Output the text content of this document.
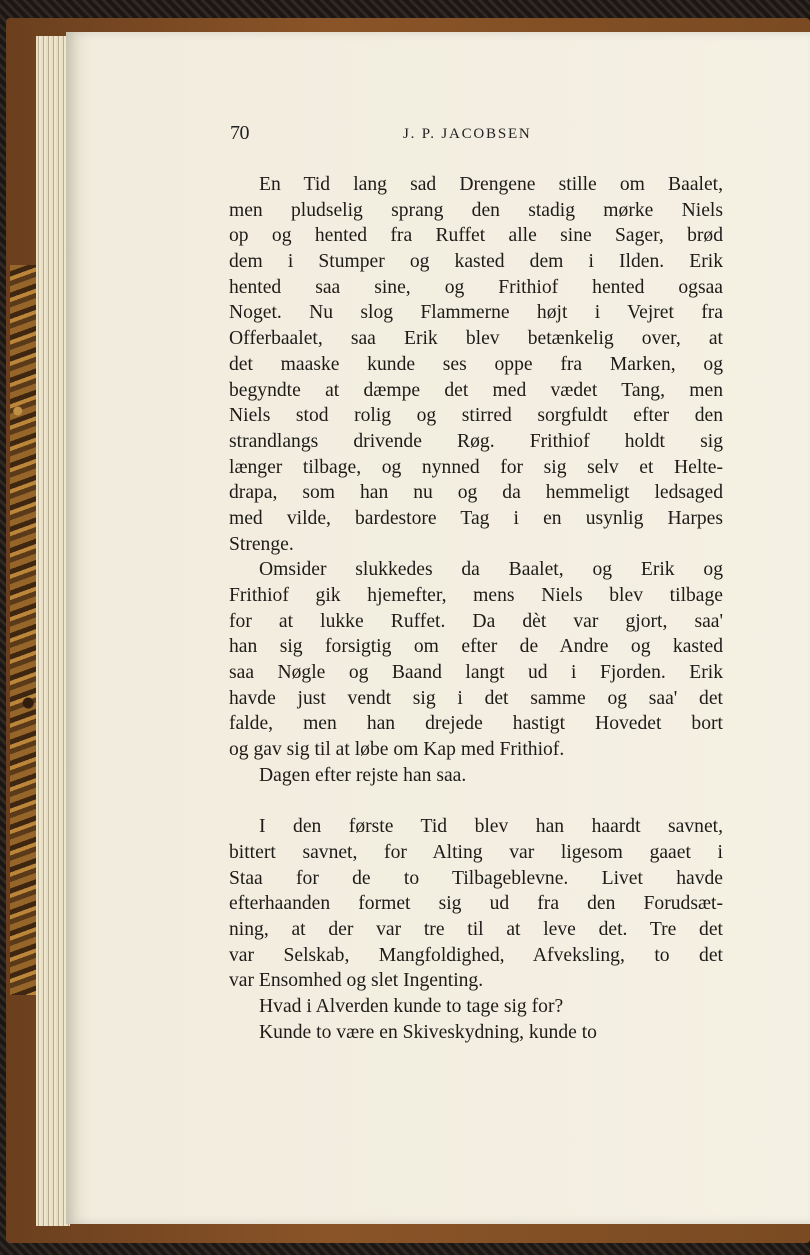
70	J. P. JACOBSEN
En Tid lang sad Drengene stille om Baalet,
men pludselig sprang den stadig mørke Niels
op og hented fra Ruffet alle sine Sager, brød
dem i Stumper og kasted dem i Ilden. Erik
hented saa sine, og Frithiof hented ogsaa
Noget. Nu slog Flammerne højt i Vejret fra
Offerbaalet, saa Erik blev betænkelig over, at
det maaske kunde ses oppe fra Marken, og
begyndte at dæmpe det med vædet Tang, men
Niels stod rolig og stirred sorgfuldt efter den
strandlangs drivende Røg. Frithiof holdt sig
længer tilbage, og nynned for sig selv et Helte-
drapa, som han nu og da hemmeligt ledsaged
med vilde, bardestore Tag i en usynlig Harpes
Strenge.
Omsider slukkedes da Baalet, og Erik og
Frithiof gik hjemefter, mens Niels blev tilbage
for at lukke Ruffet. Da dèt var gjort, saa'
han sig forsigtig om efter de Andre og kasted
saa Nøgle og Baand langt ud i Fjorden. Erik
havde just vendt sig i det samme og saa' det
falde, men han drejede hastigt Hovedet bort
og gav sig til at løbe om Kap med Frithiof.
Dagen efter rejste han saa.
I den første Tid blev han haardt savnet,
bittert savnet, for Alting var ligesom gaaet i
Staa for de to Tilbageblevne. Livet havde
efterhaanden formet sig ud fra den Forudsæt-
ning, at der var tre til at leve det. Tre det
var Selskab, Mangfoldighed, Afveksling, to det
var Ensomhed og slet Ingenting.
Hvad i Alverden kunde to tage sig for?
Kunde to være en Skiveskydning, kunde to
